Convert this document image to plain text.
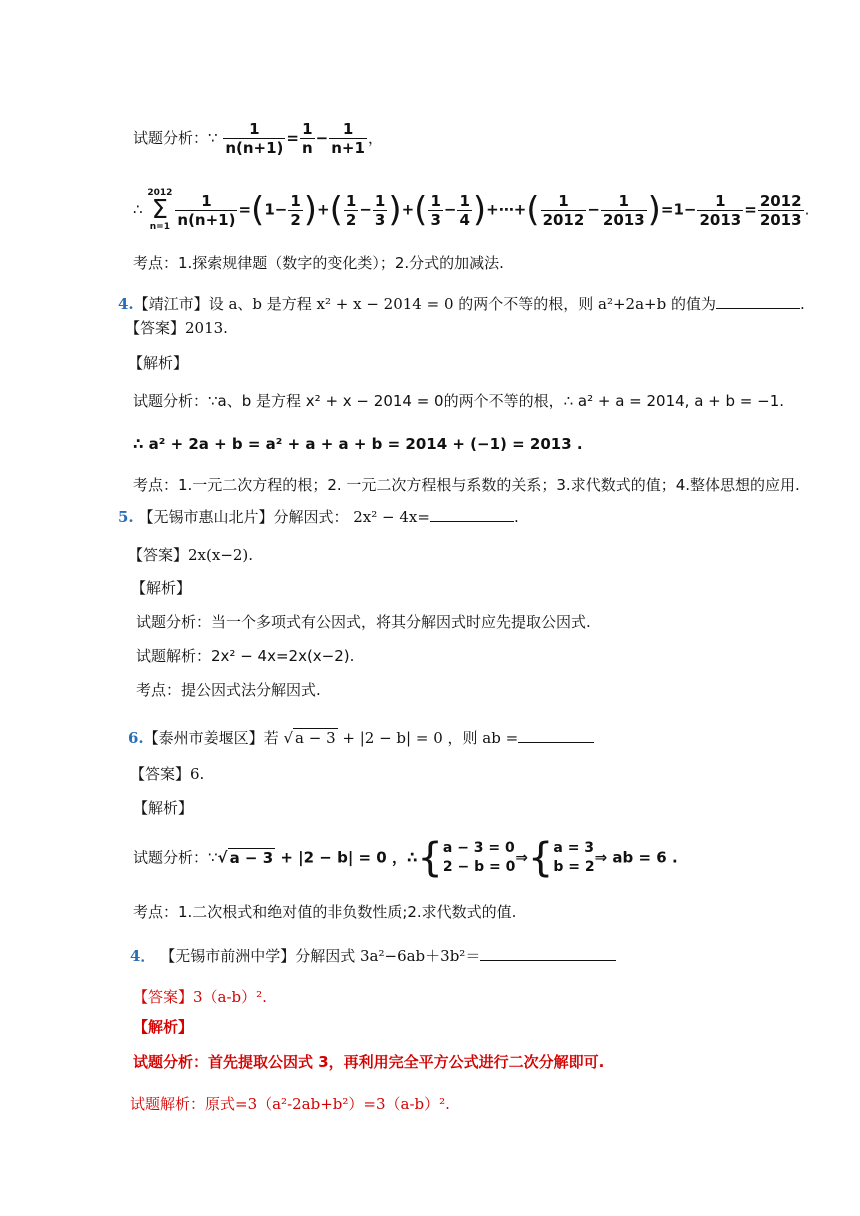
试题分析：∵ $\frac{1}{n(n+1)} = \frac{1}{n} - \frac{1}{n+1}$ ，
∴ 2012
Σ
$n=1 \frac{1}{n(n+1)} =(1- \frac{1}{2}$ )+( $\frac{1}{2} - \frac{1}{3}$ )+( $\frac{1}{3} - \frac{1}{4}$ )+⋯+( $\frac{1}{2012} - \frac{1}{2013} )=1- \frac{1}{2013} = \frac{2012}{2013}$ .
考点：1.探索规律题（数字的变化类）；2.分式的加减法.
4.【靖江市】设 a、b 是方程 x² + x − 2014 = 0 的两个不等的根，则 a²+2a+b 的值为	.
【答案】2013.
【解析】
试题分析：∵a、b 是方程 x² + x − 2014 = 0的两个不等的根，∴ a² + a = 2014, a + b = −1.
∴ a² + 2a + b = a² + a + a + b = 2014 + (−1) = 2013 .
考点：1.一元二次方程的根；2. 一元二次方程根与系数的关系；3.求代数式的值；4.整体思想的应用.
5. 【无锡市惠山北片】分解因式： 2x² − 4x=	.
【答案】2x(x−2).
【解析】
试题分析：当一个多项式有公因式，将其分解因式时应先提取公因式.
试题解析：2x² − 4x=2x(x−2).
考点：提公因式法分解因式.
6.【泰州市姜堰区】若 √ a − 3 + |2 − b| = 0 ，则 ab =
【答案】6.
【解析】
试题分析：∵√ a − 3 + |2 − b| = 0 ，∴{ a − 3 = 0
2 − b = 0
⇒{ a = 3
b = 2
⇒ ab = 6 .
考点：1.二次根式和绝对值的非负数性质;2.求代数式的值.
4． 【无锡市前洲中学】分解因式 3a²−6ab＋3b²＝
【答案】3（a-b）².
【解析】
试题分析：首先提取公因式 3，再利用完全平方公式进行二次分解即可.
试题解析：原式=3（a²-2ab+b²）=3（a-b）².
